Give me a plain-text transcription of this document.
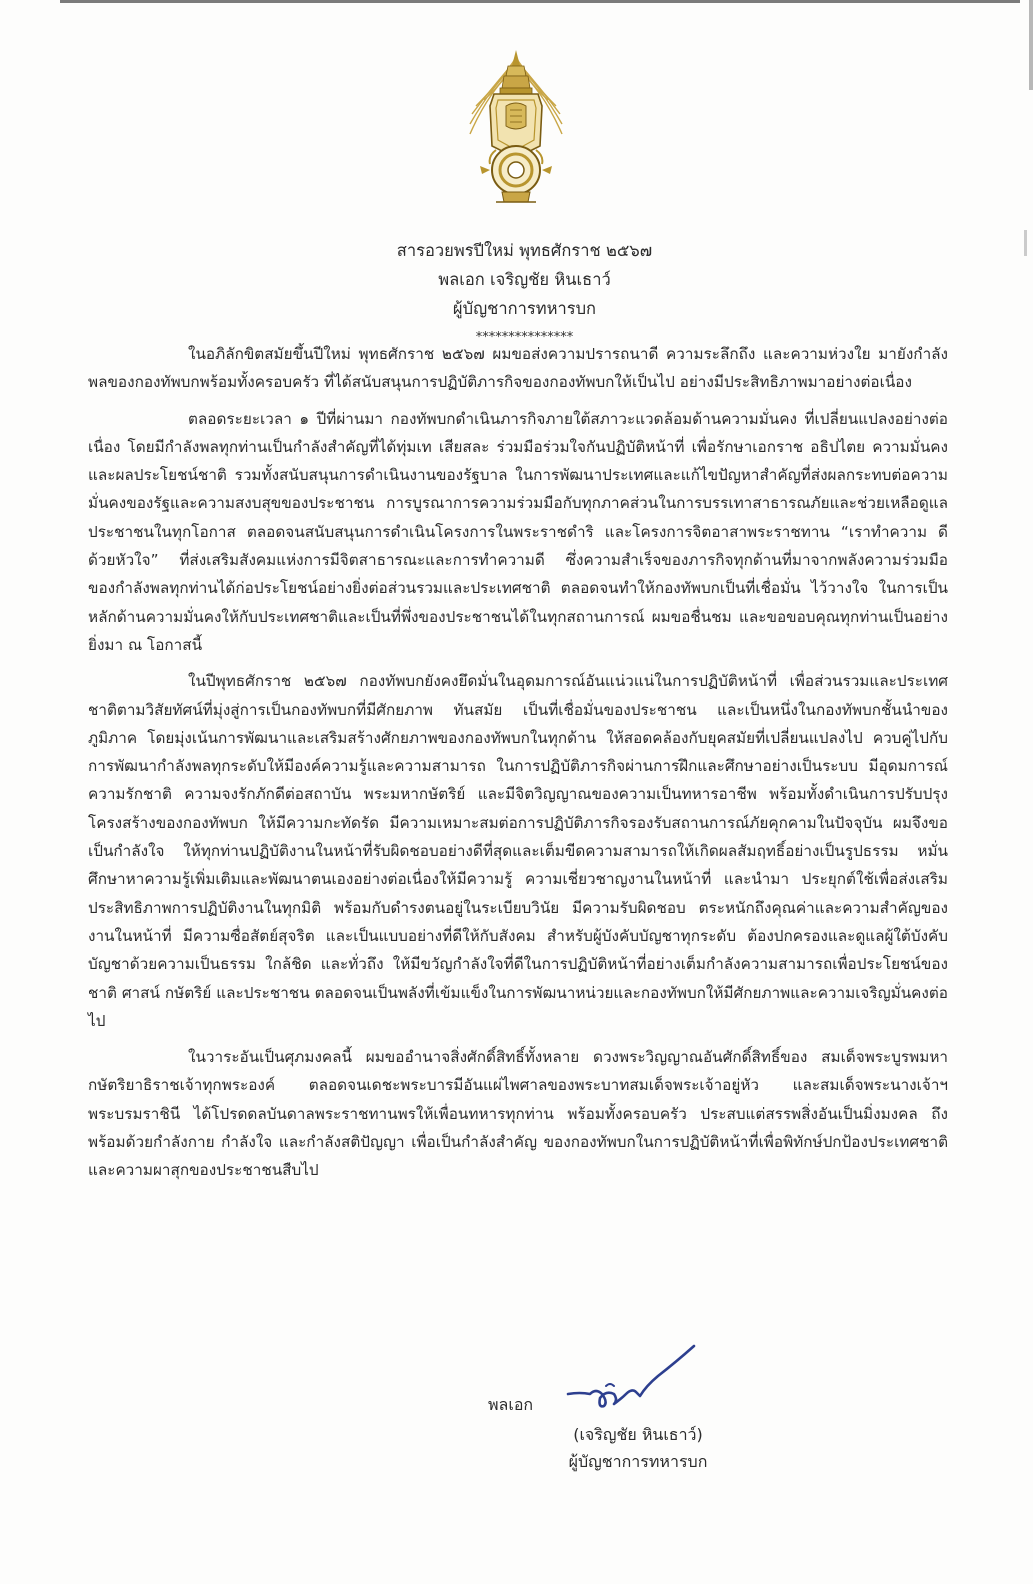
สารอวยพรปีใหม่ พุทธศักราช ๒๕๖๗
พลเอก เจริญชัย หินเธาว์
ผู้บัญชาการทหารบก
***************

ในอภิลักขิตสมัยขึ้นปีใหม่ พุทธศักราช ๒๕๖๗ ผมขอส่งความปรารถนาดี ความระลึกถึง และความห่วงใย มายังกำลังพลของกองทัพบกพร้อมทั้งครอบครัว ที่ได้สนับสนุนการปฏิบัติภารกิจของกองทัพบกให้เป็นไป อย่างมีประสิทธิภาพมาอย่างต่อเนื่อง

ตลอดระยะเวลา ๑ ปีที่ผ่านมา กองทัพบกดำเนินภารกิจภายใต้สภาวะแวดล้อมด้านความมั่นคง ที่เปลี่ยนแปลงอย่างต่อเนื่อง โดยมีกำลังพลทุกท่านเป็นกำลังสำคัญที่ได้ทุ่มเท เสียสละ ร่วมมือร่วมใจกันปฏิบัติหน้าที่ เพื่อรักษาเอกราช อธิปไตย ความมั่นคง และผลประโยชน์ชาติ รวมทั้งสนับสนุนการดำเนินงานของรัฐบาล ในการพัฒนาประเทศและแก้ไขปัญหาสำคัญที่ส่งผลกระทบต่อความมั่นคงของรัฐและความสงบสุขของประชาชน การบูรณาการความร่วมมือกับทุกภาคส่วนในการบรรเทาสาธารณภัยและช่วยเหลือดูแลประชาชนในทุกโอกาส ตลอดจนสนับสนุนการดำเนินโครงการในพระราชดำริ และโครงการจิตอาสาพระราชทาน “เราทำความ ดี ด้วยหัวใจ” ที่ส่งเสริมสังคมแห่งการมีจิตสาธารณะและการทำความดี ซึ่งความสำเร็จของภารกิจทุกด้านที่มาจากพลังความร่วมมือ ของกำลังพลทุกท่านได้ก่อประโยชน์อย่างยิ่งต่อส่วนรวมและประเทศชาติ ตลอดจนทำให้กองทัพบกเป็นที่เชื่อมั่น ไว้วางใจ ในการเป็นหลักด้านความมั่นคงให้กับประเทศชาติและเป็นที่พึ่งของประชาชนได้ในทุกสถานการณ์ ผมขอชื่นชม และขอขอบคุณทุกท่านเป็นอย่างยิ่งมา ณ โอกาสนี้

ในปีพุทธศักราช ๒๕๖๗ กองทัพบกยังคงยึดมั่นในอุดมการณ์อันแน่วแน่ในการปฏิบัติหน้าที่ เพื่อส่วนรวมและประเทศชาติตามวิสัยทัศน์ที่มุ่งสู่การเป็นกองทัพบกที่มีศักยภาพ ทันสมัย เป็นที่เชื่อมั่นของประชาชน และเป็นหนึ่งในกองทัพบกชั้นนำของภูมิภาค โดยมุ่งเน้นการพัฒนาและเสริมสร้างศักยภาพของกองทัพบกในทุกด้าน ให้สอดคล้องกับยุคสมัยที่เปลี่ยนแปลงไป ควบคู่ไปกับการพัฒนากำลังพลทุกระดับให้มีองค์ความรู้และความสามารถ ในการปฏิบัติภารกิจผ่านการฝึกและศึกษาอย่างเป็นระบบ มีอุดมการณ์ความรักชาติ ความจงรักภักดีต่อสถาบัน พระมหากษัตริย์ และมีจิตวิญญาณของความเป็นทหารอาชีพ พร้อมทั้งดำเนินการปรับปรุงโครงสร้างของกองทัพบก ให้มีความกะทัดรัด มีความเหมาะสมต่อการปฏิบัติภารกิจรองรับสถานการณ์ภัยคุกคามในปัจจุบัน ผมจึงขอเป็นกำลังใจ ให้ทุกท่านปฏิบัติงานในหน้าที่รับผิดชอบอย่างดีที่สุดและเต็มขีดความสามารถให้เกิดผลสัมฤทธิ์อย่างเป็นรูปธรรม หมั่นศึกษาหาความรู้เพิ่มเติมและพัฒนาตนเองอย่างต่อเนื่องให้มีความรู้ ความเชี่ยวชาญงานในหน้าที่ และนำมา ประยุกต์ใช้เพื่อส่งเสริมประสิทธิภาพการปฏิบัติงานในทุกมิติ พร้อมกับดำรงตนอยู่ในระเบียบวินัย มีความรับผิดชอบ ตระหนักถึงคุณค่าและความสำคัญของงานในหน้าที่ มีความซื่อสัตย์สุจริต และเป็นแบบอย่างที่ดีให้กับสังคม สำหรับผู้บังคับบัญชาทุกระดับ ต้องปกครองและดูแลผู้ใต้บังคับบัญชาด้วยความเป็นธรรม ใกล้ชิด และทั่วถึง ให้มีขวัญกำลังใจที่ดีในการปฏิบัติหน้าที่อย่างเต็มกำลังความสามารถเพื่อประโยชน์ของชาติ ศาสน์ กษัตริย์ และประชาชน ตลอดจนเป็นพลังที่เข้มแข็งในการพัฒนาหน่วยและกองทัพบกให้มีศักยภาพและความเจริญมั่นคงต่อไป

ในวาระอันเป็นศุภมงคลนี้ ผมขออำนาจสิ่งศักดิ์สิทธิ์ทั้งหลาย ดวงพระวิญญาณอันศักดิ์สิทธิ์ของ สมเด็จพระบูรพมหากษัตริยาธิราชเจ้าทุกพระองค์ ตลอดจนเดชะพระบารมีอันแผ่ไพศาลของพระบาทสมเด็จพระเจ้าอยู่หัว และสมเด็จพระนางเจ้าฯ พระบรมราชินี ได้โปรดดลบันดาลพระราชทานพรให้เพื่อนทหารทุกท่าน พร้อมทั้งครอบครัว ประสบแต่สรรพสิ่งอันเป็นมิ่งมงคล ถึงพร้อมด้วยกำลังกาย กำลังใจ และกำลังสติปัญญา เพื่อเป็นกำลังสำคัญ ของกองทัพบกในการปฏิบัติหน้าที่เพื่อพิทักษ์ปกป้องประเทศชาติและความผาสุกของประชาชนสืบไป

พลเอก
(เจริญชัย หินเธาว์)
ผู้บัญชาการทหารบก
